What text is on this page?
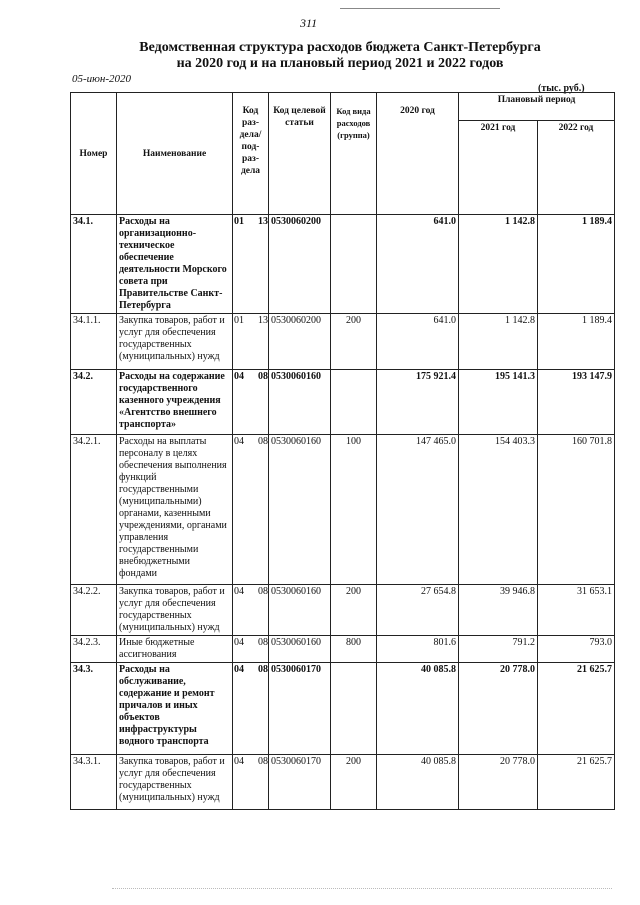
311
Ведомственная структура расходов бюджета Санкт-Петербурга
на 2020 год и на плановый период 2021 и 2022 годов
05-июн-2020
(тыс. руб.)
Номер	Наименование	Код раз- дела/ под- раз- дела	Код целевой статьи	Код вида расходов (группа)	2020 год	Плановый период	
						2021 год	2022 год
34.1.	Расходы на организационно-техническое обеспечение деятельности Морского совета при Правительстве Санкт-Петербурга	01 13	0530060200		641.0	1 142.8	1 189.4
34.1.1.	Закупка товаров, работ и услуг для обеспечения государственных (муниципальных) нужд	01 13	0530060200	200	641.0	1 142.8	1 189.4
34.2.	Расходы на содержание государственного казенного учреждения «Агентство внешнего транспорта»	04 08	0530060160		175 921.4	195 141.3	193 147.9
34.2.1.	Расходы на выплаты персоналу в целях обеспечения выполнения функций государственными (муниципальными) органами, казенными учреждениями, органами управления государственными внебюджетными фондами	04 08	0530060160	100	147 465.0	154 403.3	160 701.8
34.2.2.	Закупка товаров, работ и услуг для обеспечения государственных (муниципальных) нужд	04 08	0530060160	200	27 654.8	39 946.8	31 653.1
34.2.3.	Иные бюджетные ассигнования	04 08	0530060160	800	801.6	791.2	793.0
34.3.	Расходы на обслуживание, содержание и ремонт причалов и иных объектов инфраструктуры водного транспорта	04 08	0530060170		40 085.8	20 778.0	21 625.7
34.3.1.	Закупка товаров, работ и услуг для обеспечения государственных (муниципальных) нужд	04 08	0530060170	200	40 085.8	20 778.0	21 625.7
